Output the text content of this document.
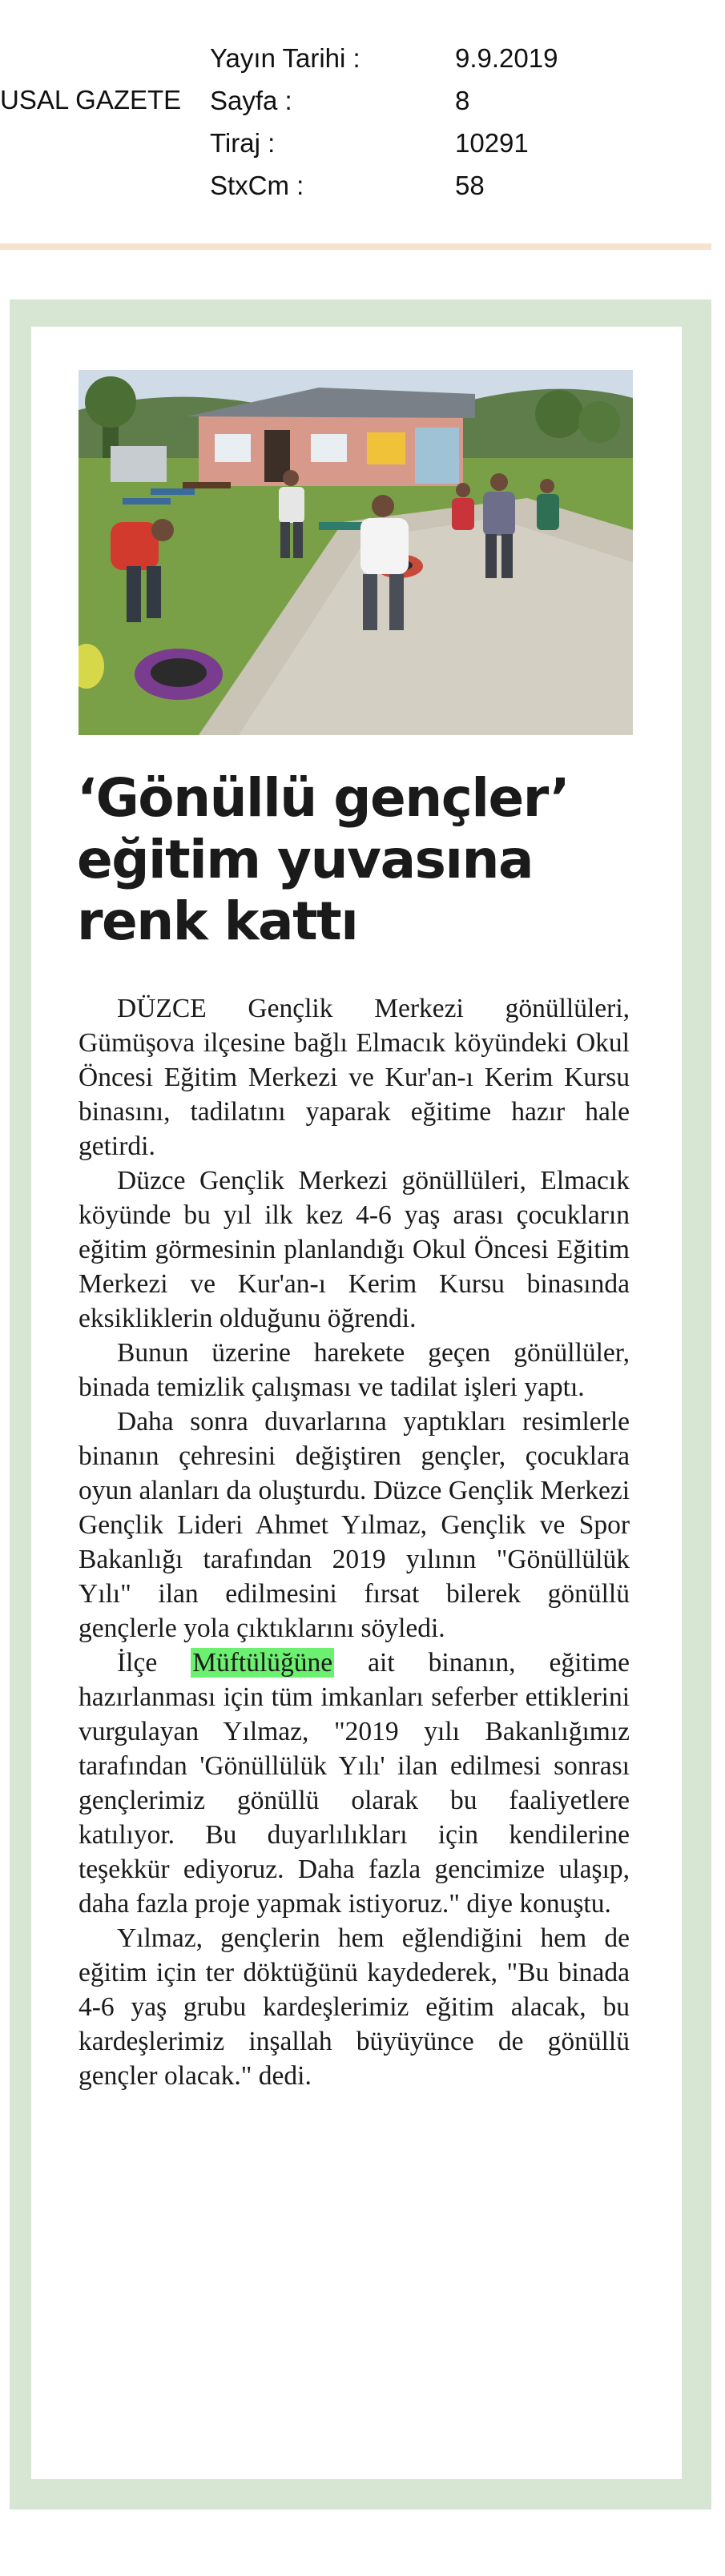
USAL GAZETE
Yayın Tarihi :
Sayfa :
Tiraj :
StxCm :
9.9.2019
8
10291
58
‘Gönüllü gençler’
eğitim yuvasına
renk kattı

DÜZCE Gençlik Merkezi gönüllüleri, Gümüşova ilçesine bağlı Elmacık köyündeki Okul Öncesi Eğitim Merkezi ve Kur'an-ı Kerim Kursu binasını, tadilatını yaparak eğitime hazır hale getirdi.

Düzce Gençlik Merkezi gönüllüleri, Elmacık köyünde bu yıl ilk kez 4-6 yaş arası çocukların eğitim görmesinin planlandığı Okul Öncesi Eğitim Merkezi ve Kur'an-ı Kerim Kursu binasında eksikliklerin olduğunu öğrendi.

Bunun üzerine harekete geçen gönüllüler, binada temizlik çalışması ve tadilat işleri yaptı.

Daha sonra duvarlarına yaptıkları resimlerle binanın çehresini değiştiren gençler, çocuklara oyun alanları da oluşturdu. Düzce Gençlik Merkezi Gençlik Lideri Ahmet Yılmaz, Gençlik ve Spor Bakanlığı tarafından 2019 yılının "Gönüllülük Yılı" ilan edilmesini fırsat bilerek gönüllü gençlerle yola çıktıklarını söyledi.

İlçe Müftülüğüne ait binanın, eğitime hazırlanması için tüm imkanları seferber ettiklerini vurgulayan Yılmaz, "2019 yılı Bakanlığımız tarafından 'Gönüllülük Yılı' ilan edilmesi sonrası gençlerimiz gönüllü olarak bu faaliyetlere katılıyor. Bu duyarlılıkları için kendilerine teşekkür ediyoruz. Daha fazla gencimize ulaşıp, daha fazla proje yapmak istiyoruz." diye konuştu.

Yılmaz, gençlerin hem eğlendiğini hem de eğitim için ter döktüğünü kaydederek, "Bu binada 4-6 yaş grubu kardeşlerimiz eğitim alacak, bu kardeşlerimiz inşallah büyüyünce de gönüllü gençler olacak." dedi.
